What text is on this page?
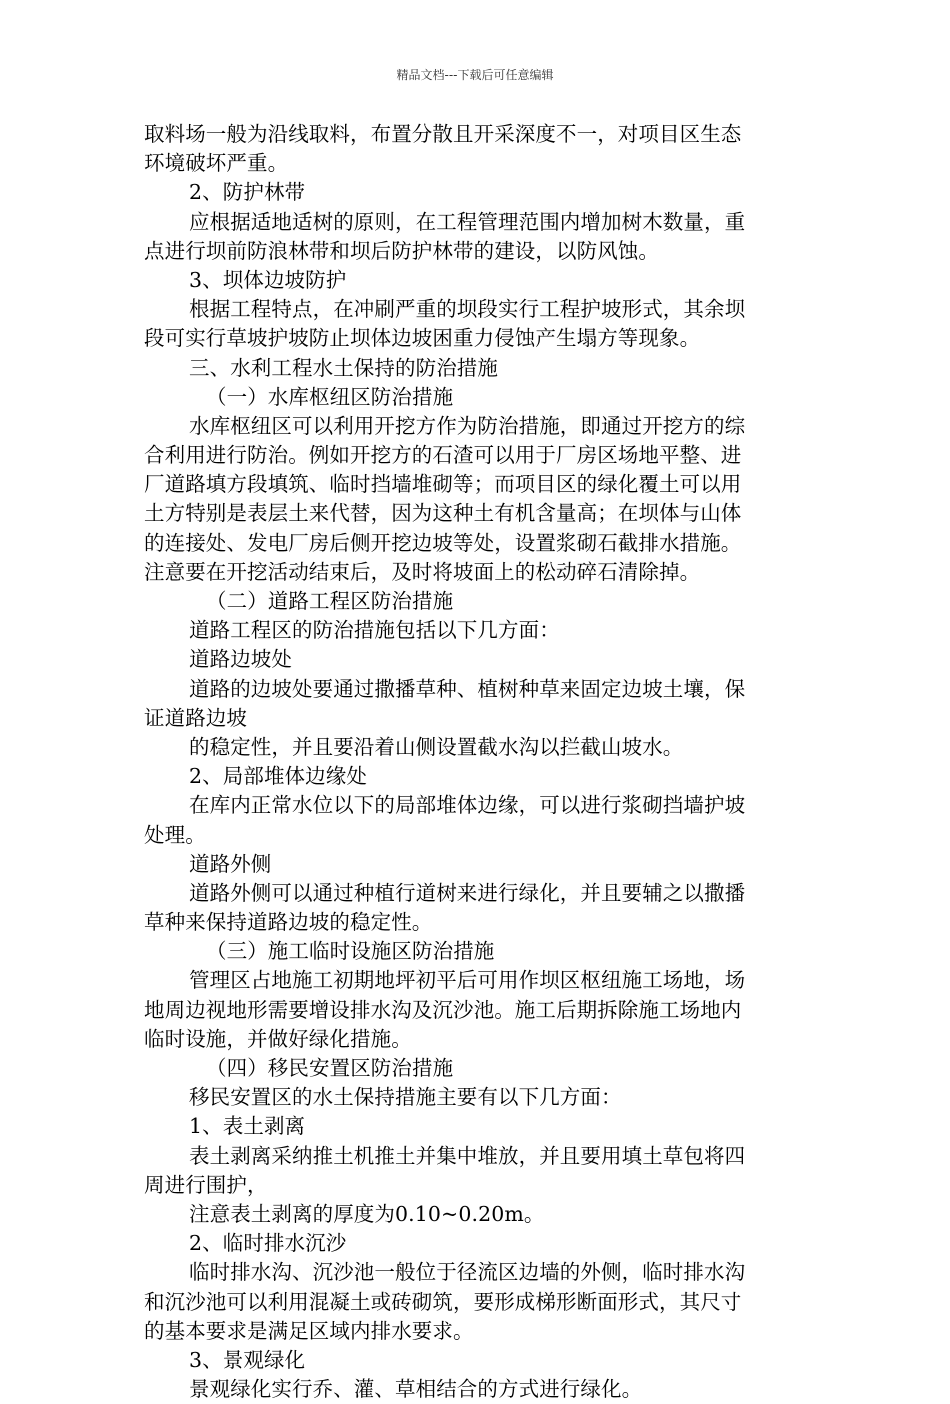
精品文档---下载后可任意编辑
取料场一般为沿线取料，布置分散且开采深度不一，对项目区生态
环境破坏严重。
2、防护林带
应根据适地适树的原则，在工程管理范围内增加树木数量，重
点进行坝前防浪林带和坝后防护林带的建设，以防风蚀。
3、坝体边坡防护
根据工程特点，在冲刷严重的坝段实行工程护坡形式，其余坝
段可实行草坡护坡防止坝体边坡困重力侵蚀产生塌方等现象。
三、水利工程水土保持的防治措施
（一）水库枢纽区防治措施
水库枢纽区可以利用开挖方作为防治措施，即通过开挖方的综
合利用进行防治。例如开挖方的石渣可以用于厂房区场地平整、进
厂道路填方段填筑、临时挡墙堆砌等；而项目区的绿化覆土可以用
土方特别是表层土来代替，因为这种土有机含量高；在坝体与山体
的连接处、发电厂房后侧开挖边坡等处，设置浆砌石截排水措施。
注意要在开挖活动结束后，及时将坡面上的松动碎石清除掉。
（二）道路工程区防治措施
道路工程区的防治措施包括以下几方面：
道路边坡处
道路的边坡处要通过撒播草种、植树种草来固定边坡土壤，保
证道路边坡
的稳定性，并且要沿着山侧设置截水沟以拦截山坡水。
2、局部堆体边缘处
在库内正常水位以下的局部堆体边缘，可以进行浆砌挡墙护坡
处理。
道路外侧
道路外侧可以通过种植行道树来进行绿化，并且要辅之以撒播
草种来保持道路边坡的稳定性。
（三）施工临时设施区防治措施
管理区占地施工初期地坪初平后可用作坝区枢纽施工场地，场
地周边视地形需要增设排水沟及沉沙池。施工后期拆除施工场地内
临时设施，并做好绿化措施。
（四）移民安置区防治措施
移民安置区的水土保持措施主要有以下几方面：
1、表土剥离
表土剥离采纳推土机推土并集中堆放，并且要用填土草包将四
周进行围护，
注意表土剥离的厚度为0.10~0.20m。
2、临时排水沉沙
临时排水沟、沉沙池一般位于径流区边墙的外侧，临时排水沟
和沉沙池可以利用混凝土或砖砌筑，要形成梯形断面形式，其尺寸
的基本要求是满足区域内排水要求。
3、景观绿化
景观绿化实行乔、灌、草相结合的方式进行绿化。
